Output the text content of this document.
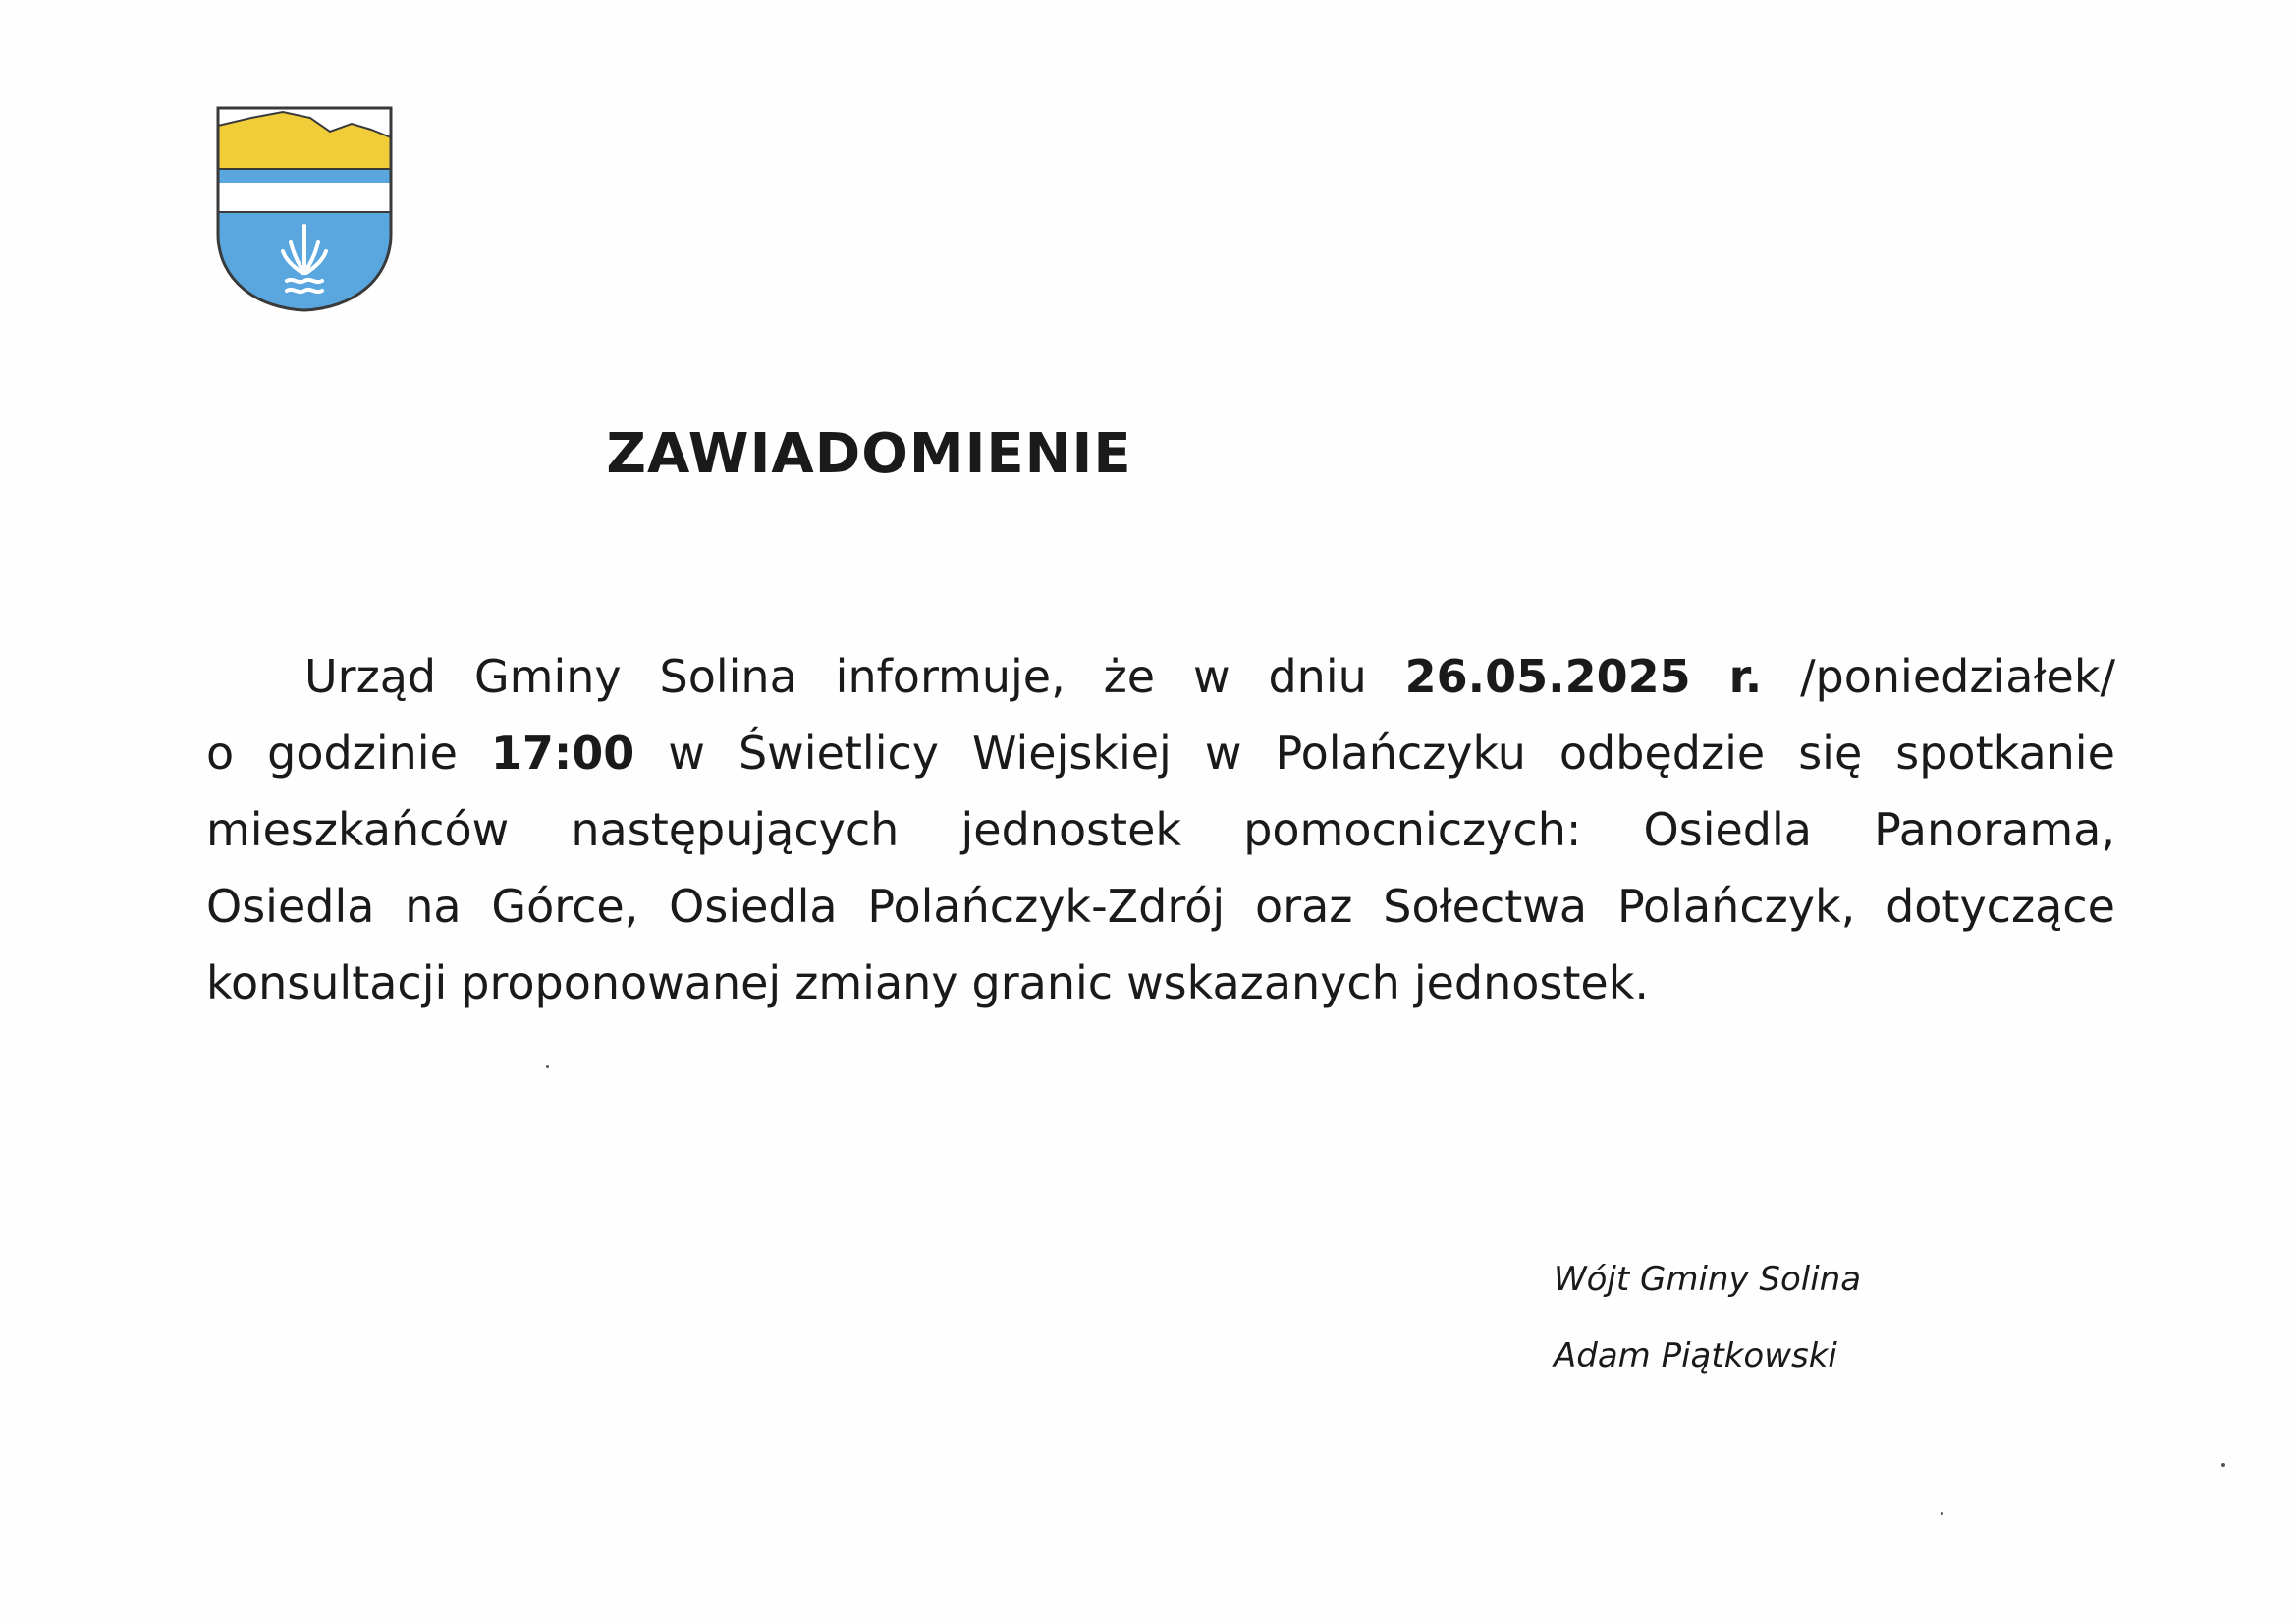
ZAWIADOMIENIE
Urząd Gminy Solina informuje, że w dniu 26.05.2025 r. /poniedziałek/
o godzinie 17:00 w Świetlicy Wiejskiej w Polańczyku odbędzie się spotkanie
mieszkańców następujących jednostek pomocniczych: Osiedla Panorama,
Osiedla na Górce, Osiedla Polańczyk-Zdrój oraz Sołectwa Polańczyk, dotyczące
konsultacji proponowanej zmiany granic wskazanych jednostek.
Wójt Gminy Solina
Adam Piątkowski
